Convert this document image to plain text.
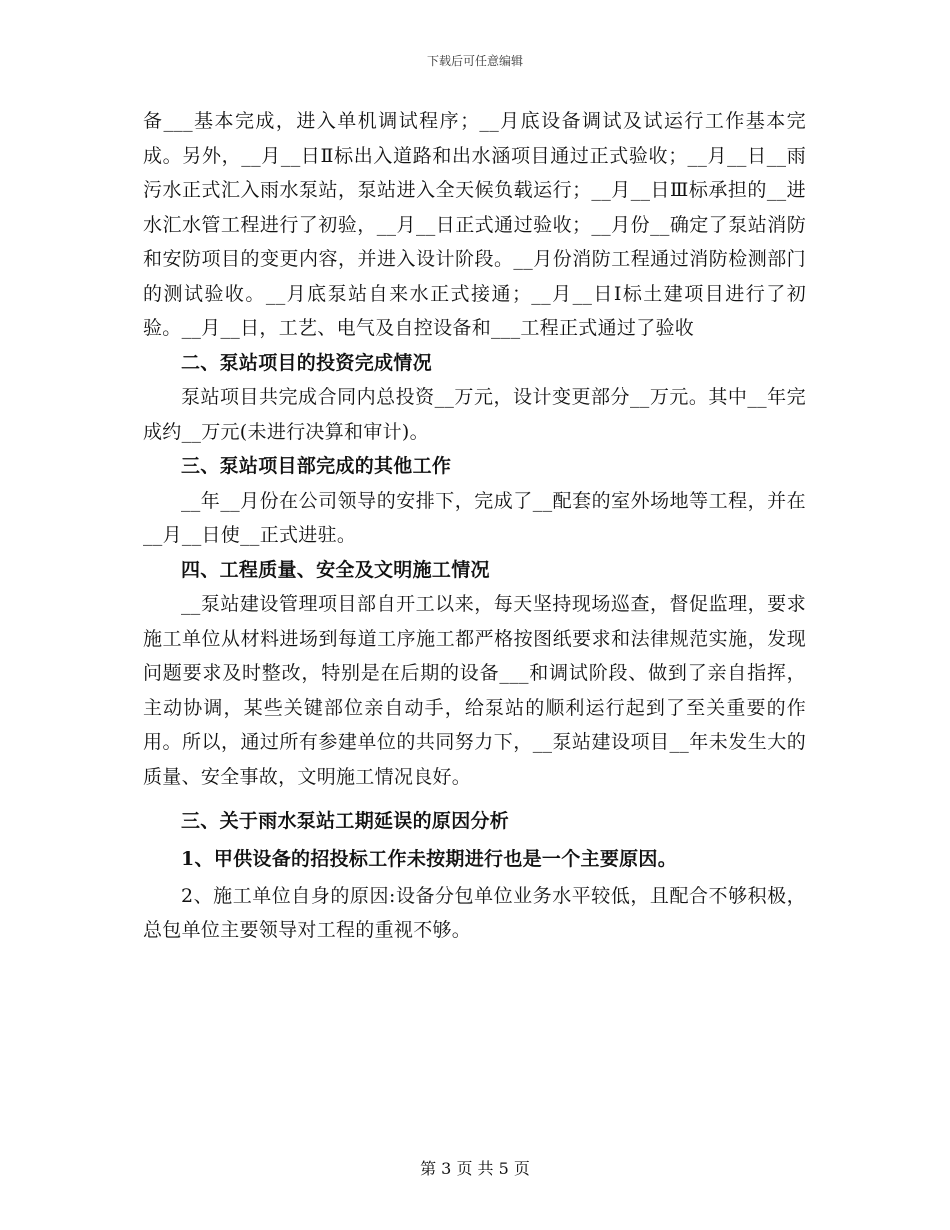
下载后可任意编辑

备___基本完成，进入单机调试程序；__月底设备调试及试运行工作基本完成。另外，__月__日Ⅱ标出入道路和出水涵项目通过正式验收；__月__日__雨污水正式汇入雨水泵站，泵站进入全天候负载运行；__月__日Ⅲ标承担的__进水汇水管工程进行了初验，__月__日正式通过验收；__月份__确定了泵站消防和安防项目的变更内容，并进入设计阶段。__月份消防工程通过消防检测部门的测试验收。__月底泵站自来水正式接通；__月__日Ⅰ标土建项目进行了初验。__月__日，工艺、电气及自控设备和___工程正式通过了验收

二、泵站项目的投资完成情况

泵站项目共完成合同内总投资__万元，设计变更部分__万元。其中__年完成约__万元(未进行决算和审计)。

三、泵站项目部完成的其他工作

__年__月份在公司领导的安排下，完成了__配套的室外场地等工程，并在__月__日使__正式进驻。

四、工程质量、安全及文明施工情况

__泵站建设管理项目部自开工以来，每天坚持现场巡查，督促监理，要求施工单位从材料进场到每道工序施工都严格按图纸要求和法律规范实施，发现问题要求及时整改，特别是在后期的设备___和调试阶段、做到了亲自指挥，主动协调，某些关键部位亲自动手，给泵站的顺利运行起到了至关重要的作用。所以，通过所有参建单位的共同努力下，__泵站建设项目__年未发生大的质量、安全事故，文明施工情况良好。

三、关于雨水泵站工期延误的原因分析

1、甲供设备的招投标工作未按期进行也是一个主要原因。

2、施工单位自身的原因:设备分包单位业务水平较低，且配合不够积极，总包单位主要领导对工程的重视不够。

第 3 页 共 5 页
